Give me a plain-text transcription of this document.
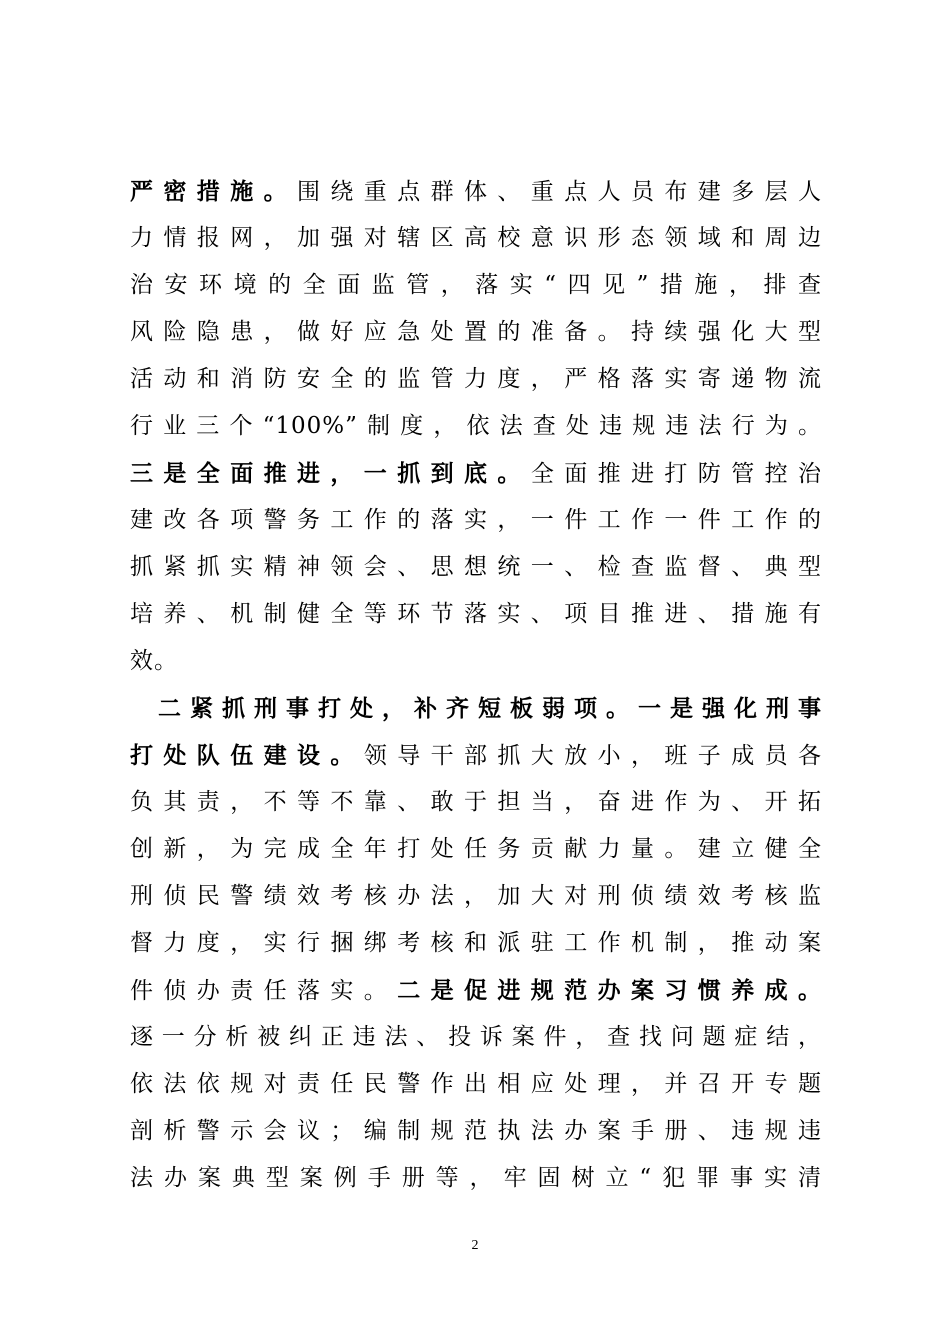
严密措施。围绕重点群体、重点人员布建多层人
力情报网，加强对辖区高校意识形态领域和周边
治安环境的全面监管，落实“四见”措施，排查
风险隐患，做好应急处置的准备。持续强化大型
活动和消防安全的监管力度，严格落实寄递物流
行业三个“100%”制度，依法查处违规违法行为。
三是全面推进，一抓到底。全面推进打防管控治
建改各项警务工作的落实，一件工作一件工作的
抓紧抓实精神领会、思想统一、检查监督、典型
培养、机制健全等环节落实、项目推进、措施有
效。
二紧抓刑事打处，补齐短板弱项。一是强化刑事
打处队伍建设。领导干部抓大放小，班子成员各
负其责，不等不靠、敢于担当，奋进作为、开拓
创新，为完成全年打处任务贡献力量。建立健全
刑侦民警绩效考核办法，加大对刑侦绩效考核监
督力度，实行捆绑考核和派驻工作机制，推动案
件侦办责任落实。二是促进规范办案习惯养成。
逐一分析被纠正违法、投诉案件，查找问题症结，
依法依规对责任民警作出相应处理，并召开专题
剖析警示会议；编制规范执法办案手册、违规违
法办案典型案例手册等，牢固树立“犯罪事实清
2
